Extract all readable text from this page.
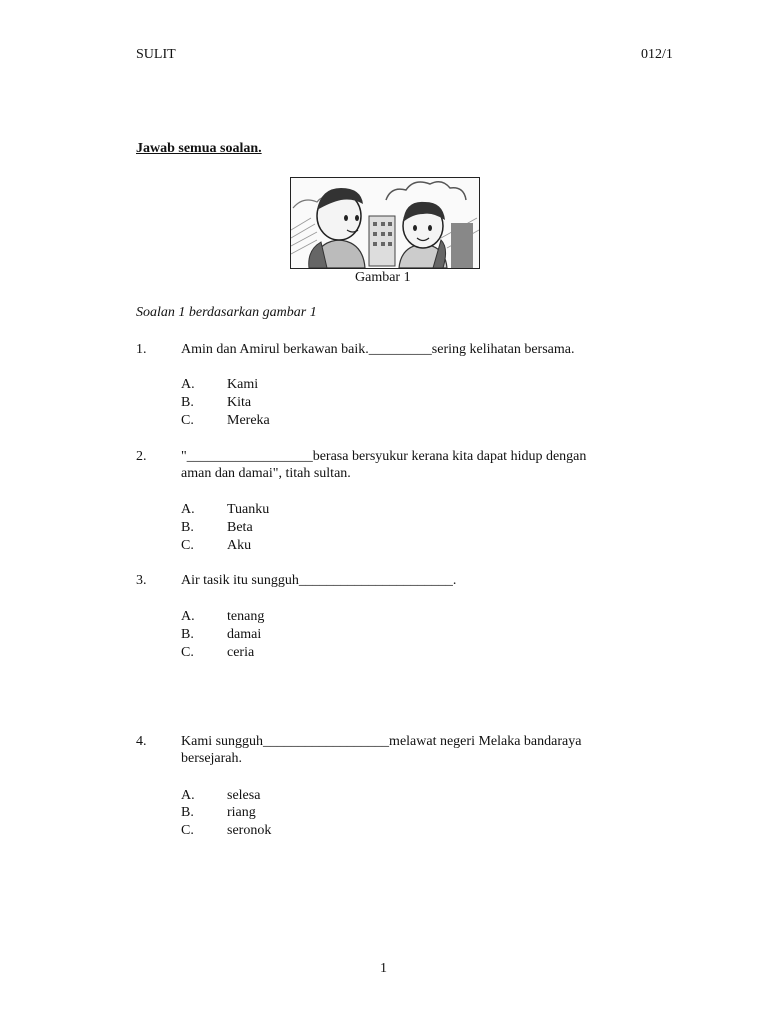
SULIT	012/1
Jawab semua soalan.
Gambar 1
Soalan 1 berdasarkan gambar 1
1. Amin dan Amirul berkawan baik._________sering kelihatan bersama.
A. Kami
B. Kita
C. Mereka
2. "__________________berasa bersyukur kerana kita dapat hidup dengan
aman dan damai", titah sultan.
A. Tuanku
B. Beta
C. Aku
3. Air tasik itu sungguh______________________.
A. tenang
B. damai
C. ceria
4. Kami sungguh__________________melawat negeri Melaka bandaraya
bersejarah.
A. selesa
B. riang
C. seronok
1
